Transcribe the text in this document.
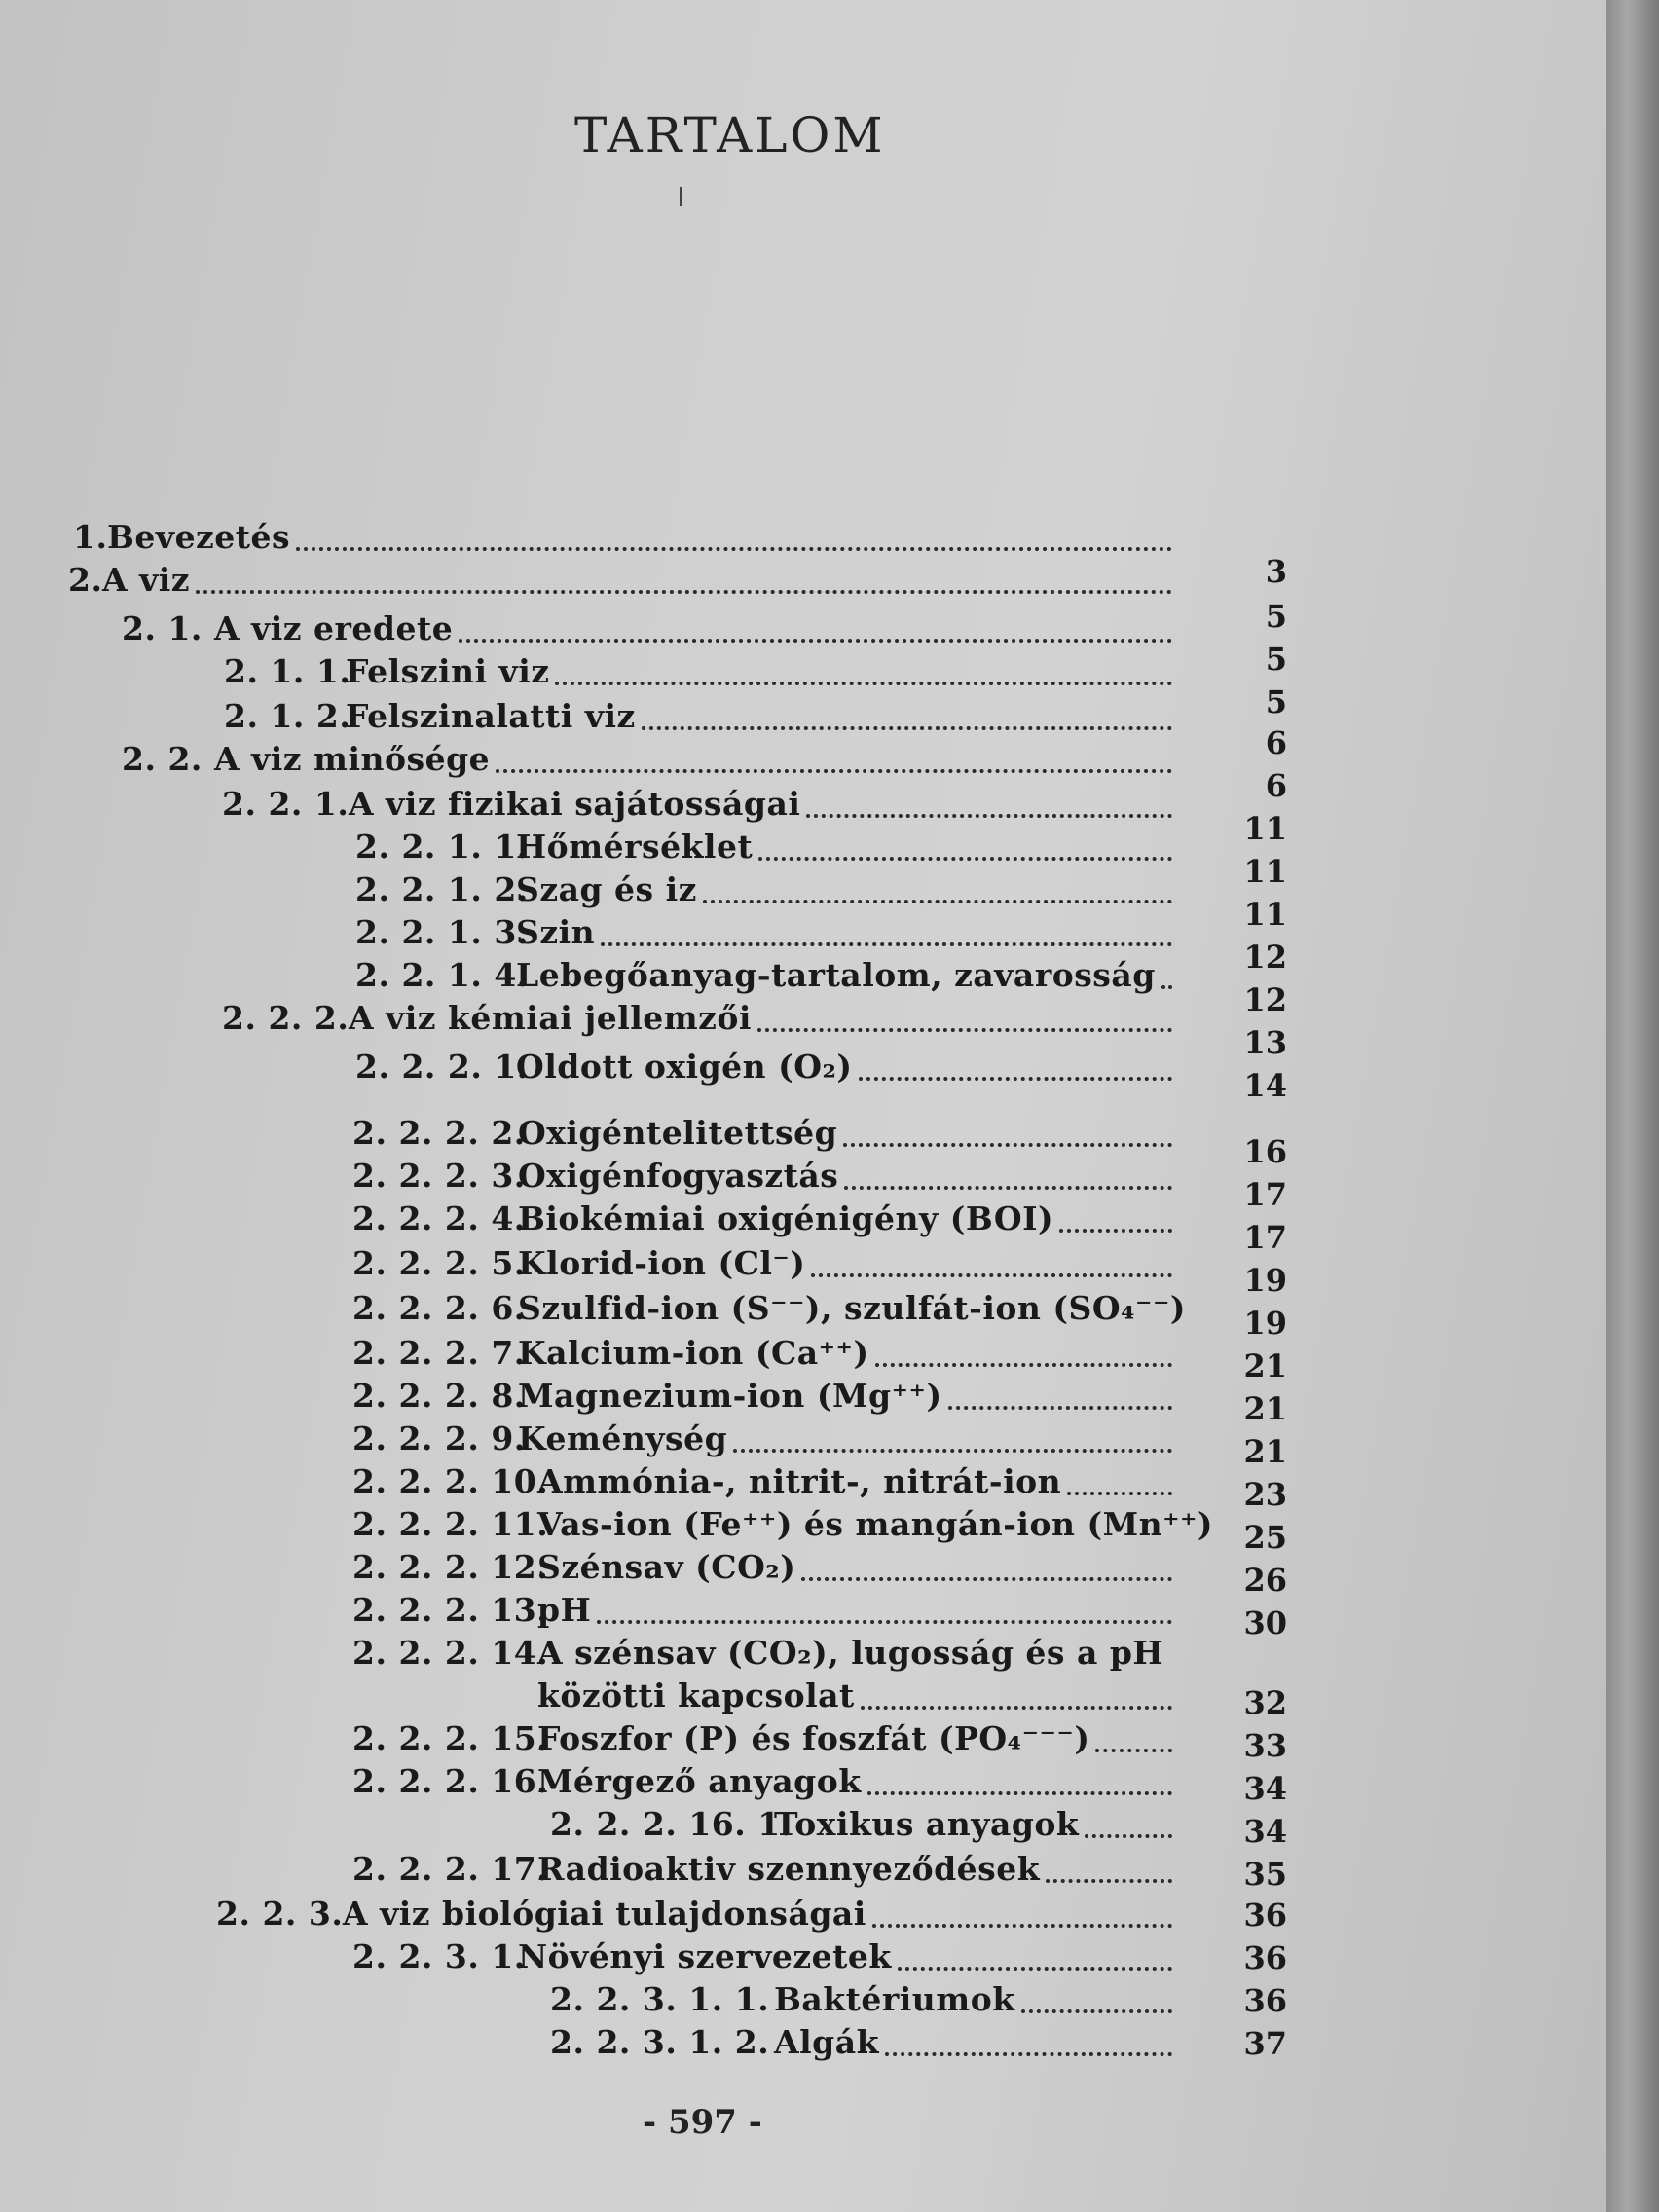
TARTALOM
1. Bevezetés
2. A viz
2. 1. A viz eredete
2. 1. 1.
Felszini viz
2. 1. 2.
Felszinalatti viz
2. 2. A viz minősége
2. 2. 1. A viz fizikai sajátosságai
2. 2. 1. 1.
Hőmérséklet
2. 2. 1. 2.
Szag és iz
2. 2. 1. 3.
Szin
2. 2. 1. 4.
Lebegőanyag-tartalom, zavarosság
2. 2. 2. A viz kémiai jellemzői
2. 2. 2. 1.
Oldott oxigén (O₂)
2. 2. 2. 2.
Oxigéntelitettség
2. 2. 2. 3.
Oxigénfogyasztás
2. 2. 2. 4.
Biokémiai oxigénigény (BOI)
2. 2. 2. 5.
Klorid-ion (Cl⁻)
2. 2. 2. 6.
Szulfid-ion (S⁻⁻), szulfát-ion (SO₄⁻⁻)
2. 2. 2. 7.
Kalcium-ion (Ca⁺⁺)
2. 2. 2. 8.
Magnezium-ion (Mg⁺⁺)
2. 2. 2. 9.
Keménység
2. 2. 2. 10.
Ammónia-, nitrit-, nitrát-ion
2. 2. 2. 11.
Vas-ion (Fe⁺⁺) és mangán-ion (Mn⁺⁺)
2. 2. 2. 12.
Szénsav (CO₂)
2. 2. 2. 13.
pH
2. 2. 2. 14.
A szénsav (CO₂), lugosság és a pH
közötti kapcsolat
2. 2. 2. 15.
Foszfor (P) és foszfát (PO₄⁻⁻⁻)
2. 2. 2. 16.
Mérgező anyagok
2. 2. 2. 16. 1.
Toxikus anyagok
2. 2. 2. 17.
Radioaktiv szennyeződések
2. 2. 3. A viz biológiai tulajdonságai
2. 2. 3. 1.
Növényi szervezetek
2. 2. 3. 1. 1. Baktériumok
2. 2. 3. 1. 2. Algák
3
5
5
5
6
6
11
11
11
12
12
13
14
16
17
17
19
19
21
21
21
23
25
26
30
32
33
34
34
35
36
36
36
37
- 597 -
